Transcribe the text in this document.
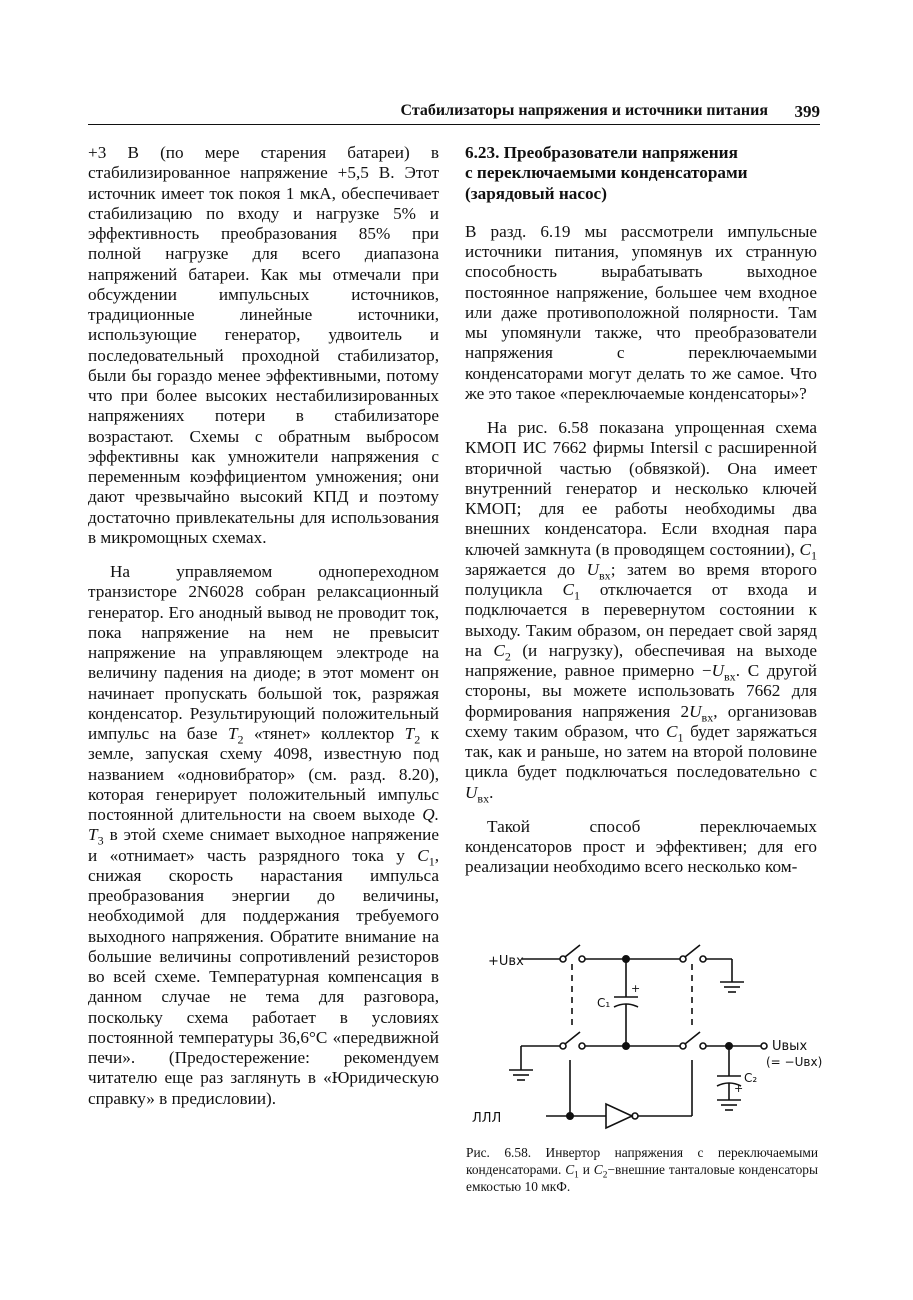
Стабилизаторы напряжения и источники питания 399

+3 В (по мере старения батареи) в стабилизированное напряжение +5,5 В. Этот источник имеет ток покоя 1 мкА, обеспечивает стабилизацию по входу и нагрузке 5% и эффективность преобразования 85% при полной нагрузке для всего диапазона напряжений батареи. Как мы отмечали при обсуждении импульсных источников, традиционные линейные источники, использующие генератор, удвоитель и последовательный проходной стабилизатор, были бы гораздо менее эффективными, потому что при более высоких нестабилизированных напряжениях потери в стабилизаторе возрастают. Схемы с обратным выбросом эффективны как умножители напряжения с переменным коэффициентом умножения; они дают чрезвычайно высокий КПД и поэтому достаточно привлекательны для использования в микромощных схемах.

На управляемом однопереходном транзисторе 2N6028 собран релаксационный генератор. Его анодный вывод не проводит ток, пока напряжение на нем не превысит напряжение на управляющем электроде на величину падения на диоде; в этот момент он начинает пропускать большой ток, разряжая конденсатор. Результирующий положительный импульс на базе $T_2$ «тянет» коллектор $T_2$ к земле, запуская схему 4098, известную под названием «одновибратор» (см. разд. 8.20), которая генерирует положительный импульс постоянной длительности на своем выходе Q. $T_3$ в этой схеме снимает выходное напряжение и «отнимает» часть разрядного тока у $C_1$, снижая скорость нарастания импульса преобразования энергии до величины, необходимой для поддержания требуемого выходного напряжения. Обратите внимание на большие величины сопротивлений резисторов во всей схеме. Температурная компенсация в данном случае не тема для разговора, поскольку схема работает в условиях постоянной температуры 36,6°С «передвижной печи». (Предостережение: рекомендуем читателю еще раз заглянуть в «Юридическую справку» в предисловии).

6.23. Преобразователи напряжения
с переключаемыми конденсаторами
(зарядовый насос)

В разд. 6.19 мы рассмотрели импульсные источники питания, упомянув их странную способность вырабатывать выходное постоянное напряжение, большее чем входное или даже противоположной полярности. Там мы упомянули также, что преобразователи напряжения с переключаемыми конденсаторами могут делать то же самое. Что же это такое «переключаемые конденсаторы»?

На рис. 6.58 показана упрощенная схема КМОП ИС 7662 фирмы Intersil с расширенной вторичной частью (обвязкой). Она имеет внутренний генератор и несколько ключей КМОП; для ее работы необходимы два внешних конденсатора. Если входная пара ключей замкнута (в проводящем состоянии), $C_1$ заряжается до $U_{вх}$; затем во время второго полуцикла $C_1$ отключается от входа и подключается в перевернутом состоянии к выходу. Таким образом, он передает свой заряд на $C_2$ (и нагрузку), обеспечивая на выходе напряжение, равное примерно $-U_{вх}$. С другой стороны, вы можете использовать 7662 для формирования напряжения $2U_{вх}$, организовав схему таким образом, что $C_1$ будет заряжаться так, как и раньше, но затем на второй половине цикла будет подключаться последовательно с $U_{вх}$.

Такой способ переключаемых конденсаторов прост и эффективен; для его реализации необходимо всего несколько ком-

+Uвх
+
C₁
Uвых
(= −Uвх)
+
C₂
ЛЛЛ
Рис. 6.58. Инвертор напряжения с переключаемыми конденсаторами. $C_1$ и $C_2-внешние$ танталовые конденсаторы емкостью 10 мкФ.
